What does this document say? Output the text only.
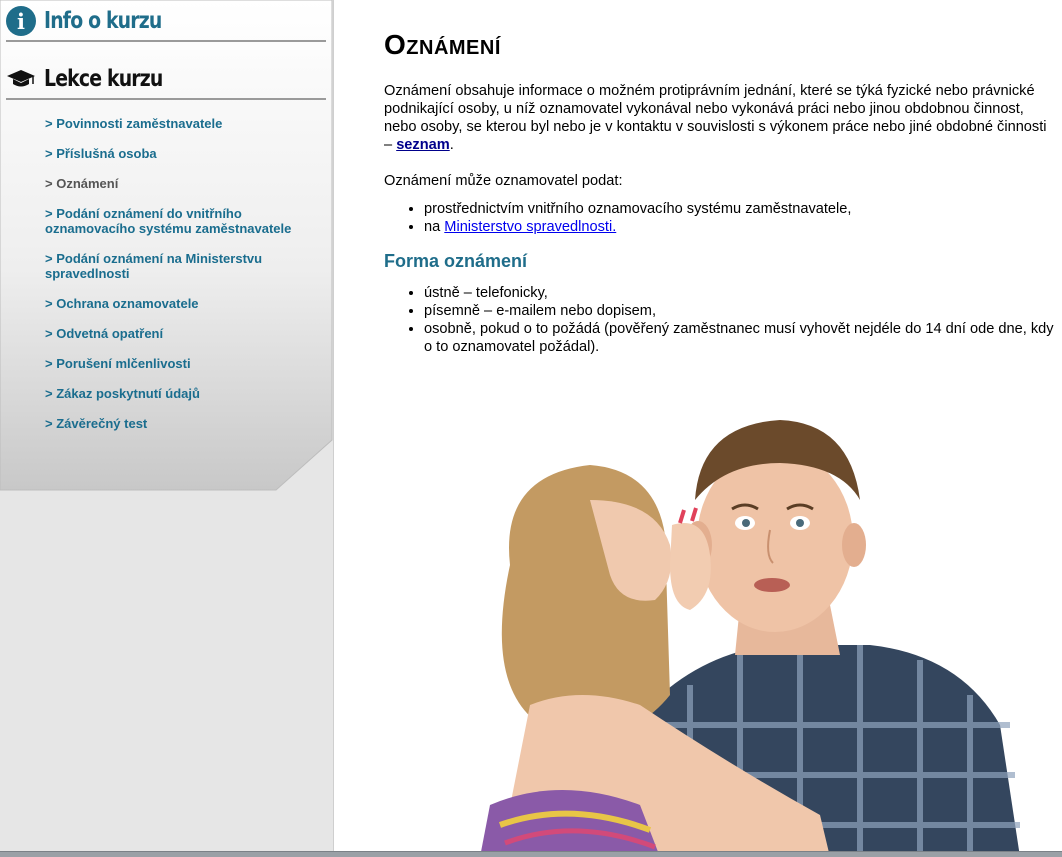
i Info o kurzu
Lekce kurzu
> Povinnosti zaměstnavatele
> Příslušná osoba
> Oznámení
> Podání oznámení do vnitřního oznamovacího systému zaměstnavatele
> Podání oznámení na Ministerstvu spravedlnosti
> Ochrana oznamovatele
> Odvetná opatření
> Porušení mlčenlivosti
> Zákaz poskytnutí údajů
> Závěrečný test
Oznámení

Oznámení obsahuje informace o možném protiprávním jednání, které se týká fyzické nebo právnické podnikající osoby, u níž oznamovatel vykonával nebo vykonává práci nebo jinou obdobnou činnost, nebo osoby, se kterou byl nebo je v kontaktu v souvislosti s výkonem práce nebo jiné obdobné činnosti – seznam.

Oznámení může oznamovatel podat:

• prostřednictvím vnitřního oznamovacího systému zaměstnavatele,
• na Ministerstvo spravedlnosti.
Forma oznámení
• ústně – telefonicky,
• písemně – e-mailem nebo dopisem,
• osobně, pokud o to požádá (pověřený zaměstnanec musí vyhovět nejdéle do 14 dní ode dne, kdy o to oznamovatel požádal).
